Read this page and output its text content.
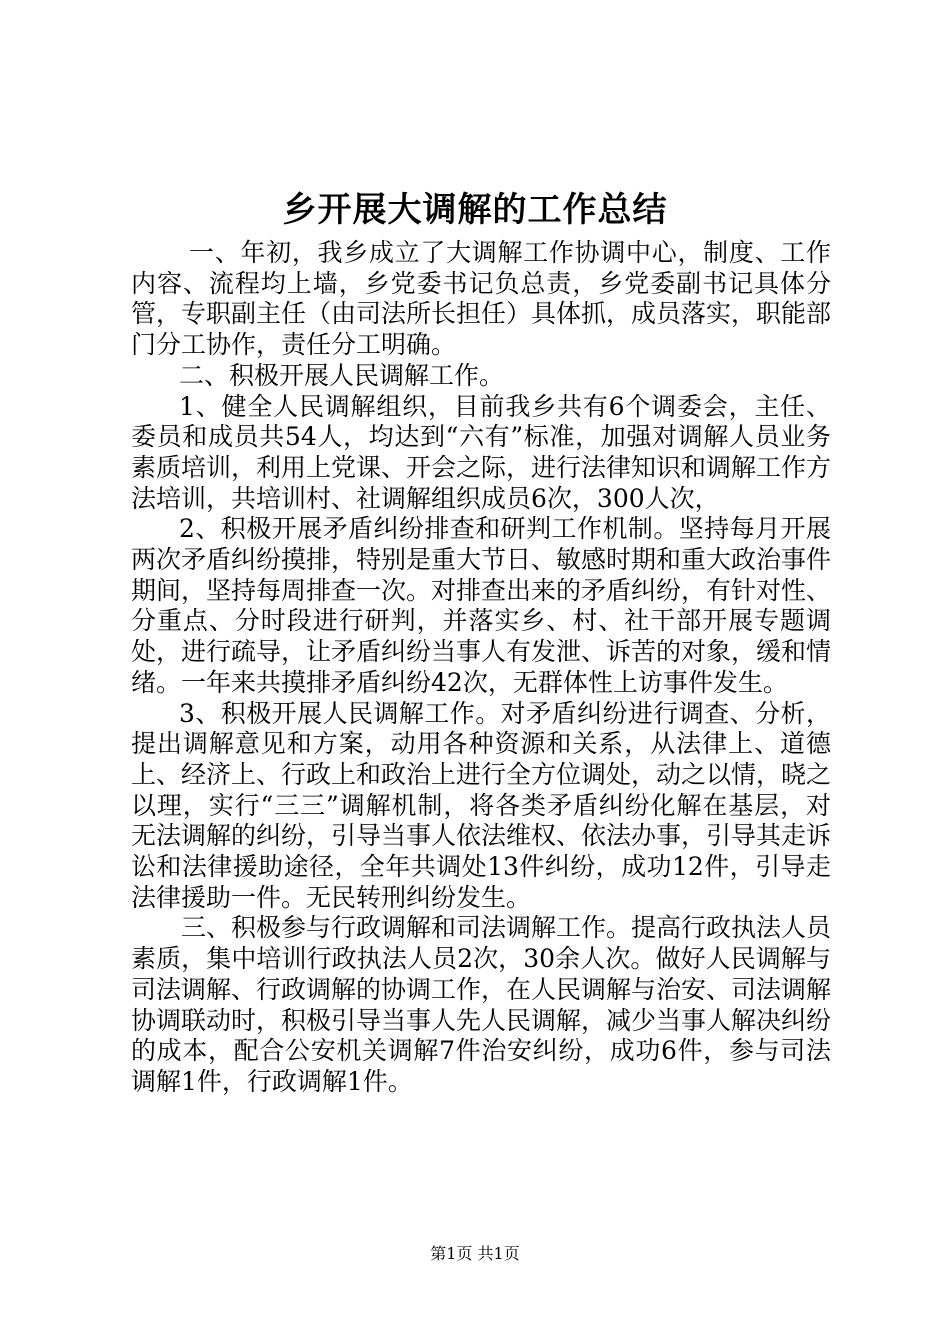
乡开展大调解的工作总结

一、年初，我乡成立了大调解工作协调中心，制度、工作内容、流程均上墙，乡党委书记负总责，乡党委副书记具体分管，专职副主任（由司法所长担任）具体抓，成员落实，职能部门分工协作，责任分工明确。

二、积极开展人民调解工作。

1、健全人民调解组织，目前我乡共有6个调委会，主任、委员和成员共54人，均达到“六有”标准，加强对调解人员业务素质培训，利用上党课、开会之际，进行法律知识和调解工作方法培训，共培训村、社调解组织成员6次，300人次，

2、积极开展矛盾纠纷排查和研判工作机制。坚持每月开展两次矛盾纠纷摸排，特别是重大节日、敏感时期和重大政治事件期间，坚持每周排查一次。对排查出来的矛盾纠纷，有针对性、分重点、分时段进行研判，并落实乡、村、社干部开展专题调处，进行疏导，让矛盾纠纷当事人有发泄、诉苦的对象，缓和情绪。一年来共摸排矛盾纠纷42次，无群体性上访事件发生。

3、积极开展人民调解工作。对矛盾纠纷进行调查、分析，提出调解意见和方案，动用各种资源和关系，从法律上、道德上、经济上、行政上和政治上进行全方位调处，动之以情，晓之以理，实行“三三”调解机制，将各类矛盾纠纷化解在基层，对无法调解的纠纷，引导当事人依法维权、依法办事，引导其走诉讼和法律援助途径，全年共调处13件纠纷，成功12件，引导走法律援助一件。无民转刑纠纷发生。

三、积极参与行政调解和司法调解工作。提高行政执法人员素质，集中培训行政执法人员2次，30余人次。做好人民调解与司法调解、行政调解的协调工作，在人民调解与治安、司法调解协调联动时，积极引导当事人先人民调解，减少当事人解决纠纷的成本，配合公安机关调解7件治安纠纷，成功6件，参与司法调解1件，行政调解1件。

第1页 共1页
